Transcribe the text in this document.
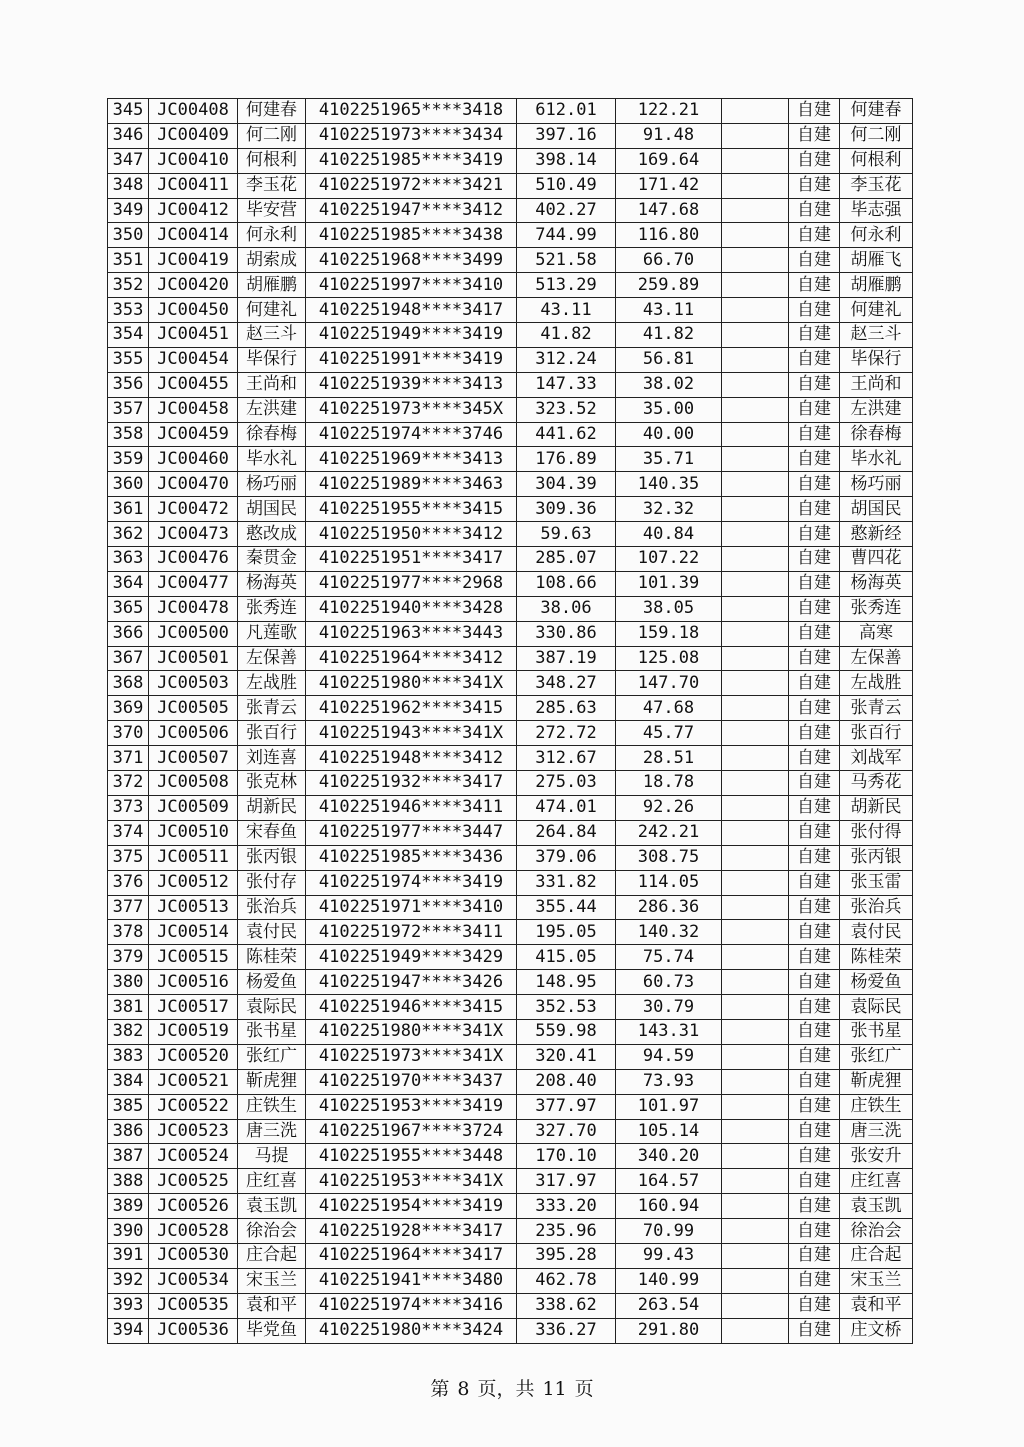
345	JC00408	何建春	4102251965****3418	612.01	122.21		自建	何建春
346	JC00409	何二刚	4102251973****3434	397.16	91.48		自建	何二刚
347	JC00410	何根利	4102251985****3419	398.14	169.64		自建	何根利
348	JC00411	李玉花	4102251972****3421	510.49	171.42		自建	李玉花
349	JC00412	毕安营	4102251947****3412	402.27	147.68		自建	毕志强
350	JC00414	何永利	4102251985****3438	744.99	116.80		自建	何永利
351	JC00419	胡索成	4102251968****3499	521.58	66.70		自建	胡雁飞
352	JC00420	胡雁鹏	4102251997****3410	513.29	259.89		自建	胡雁鹏
353	JC00450	何建礼	4102251948****3417	43.11	43.11		自建	何建礼
354	JC00451	赵三斗	4102251949****3419	41.82	41.82		自建	赵三斗
355	JC00454	毕保行	4102251991****3419	312.24	56.81		自建	毕保行
356	JC00455	王尚和	4102251939****3413	147.33	38.02		自建	王尚和
357	JC00458	左洪建	4102251973****345X	323.52	35.00		自建	左洪建
358	JC00459	徐春梅	4102251974****3746	441.62	40.00		自建	徐春梅
359	JC00460	毕水礼	4102251969****3413	176.89	35.71		自建	毕水礼
360	JC00470	杨巧丽	4102251989****3463	304.39	140.35		自建	杨巧丽
361	JC00472	胡国民	4102251955****3415	309.36	32.32		自建	胡国民
362	JC00473	憨改成	4102251950****3412	59.63	40.84		自建	憨新经
363	JC00476	秦贯金	4102251951****3417	285.07	107.22		自建	曹四花
364	JC00477	杨海英	4102251977****2968	108.66	101.39		自建	杨海英
365	JC00478	张秀连	4102251940****3428	38.06	38.05		自建	张秀连
366	JC00500	凡莲歌	4102251963****3443	330.86	159.18		自建	高寒
367	JC00501	左保善	4102251964****3412	387.19	125.08		自建	左保善
368	JC00503	左战胜	4102251980****341X	348.27	147.70		自建	左战胜
369	JC00505	张青云	4102251962****3415	285.63	47.68		自建	张青云
370	JC00506	张百行	4102251943****341X	272.72	45.77		自建	张百行
371	JC00507	刘连喜	4102251948****3412	312.67	28.51		自建	刘战军
372	JC00508	张克林	4102251932****3417	275.03	18.78		自建	马秀花
373	JC00509	胡新民	4102251946****3411	474.01	92.26		自建	胡新民
374	JC00510	宋春鱼	4102251977****3447	264.84	242.21		自建	张付得
375	JC00511	张丙银	4102251985****3436	379.06	308.75		自建	张丙银
376	JC00512	张付存	4102251974****3419	331.82	114.05		自建	张玉雷
377	JC00513	张治兵	4102251971****3410	355.44	286.36		自建	张治兵
378	JC00514	袁付民	4102251972****3411	195.05	140.32		自建	袁付民
379	JC00515	陈桂荣	4102251949****3429	415.05	75.74		自建	陈桂荣
380	JC00516	杨爱鱼	4102251947****3426	148.95	60.73		自建	杨爱鱼
381	JC00517	袁际民	4102251946****3415	352.53	30.79		自建	袁际民
382	JC00519	张书星	4102251980****341X	559.98	143.31		自建	张书星
383	JC00520	张红广	4102251973****341X	320.41	94.59		自建	张红广
384	JC00521	靳虎狸	4102251970****3437	208.40	73.93		自建	靳虎狸
385	JC00522	庄铁生	4102251953****3419	377.97	101.97		自建	庄铁生
386	JC00523	唐三洗	4102251967****3724	327.70	105.14		自建	唐三洗
387	JC00524	马提	4102251955****3448	170.10	340.20		自建	张安升
388	JC00525	庄红喜	4102251953****341X	317.97	164.57		自建	庄红喜
389	JC00526	袁玉凯	4102251954****3419	333.20	160.94		自建	袁玉凯
390	JC00528	徐治会	4102251928****3417	235.96	70.99		自建	徐治会
391	JC00530	庄合起	4102251964****3417	395.28	99.43		自建	庄合起
392	JC00534	宋玉兰	4102251941****3480	462.78	140.99		自建	宋玉兰
393	JC00535	袁和平	4102251974****3416	338.62	263.54		自建	袁和平
394	JC00536	毕党鱼	4102251980****3424	336.27	291.80		自建	庄文桥
第 8 页，共 11 页
